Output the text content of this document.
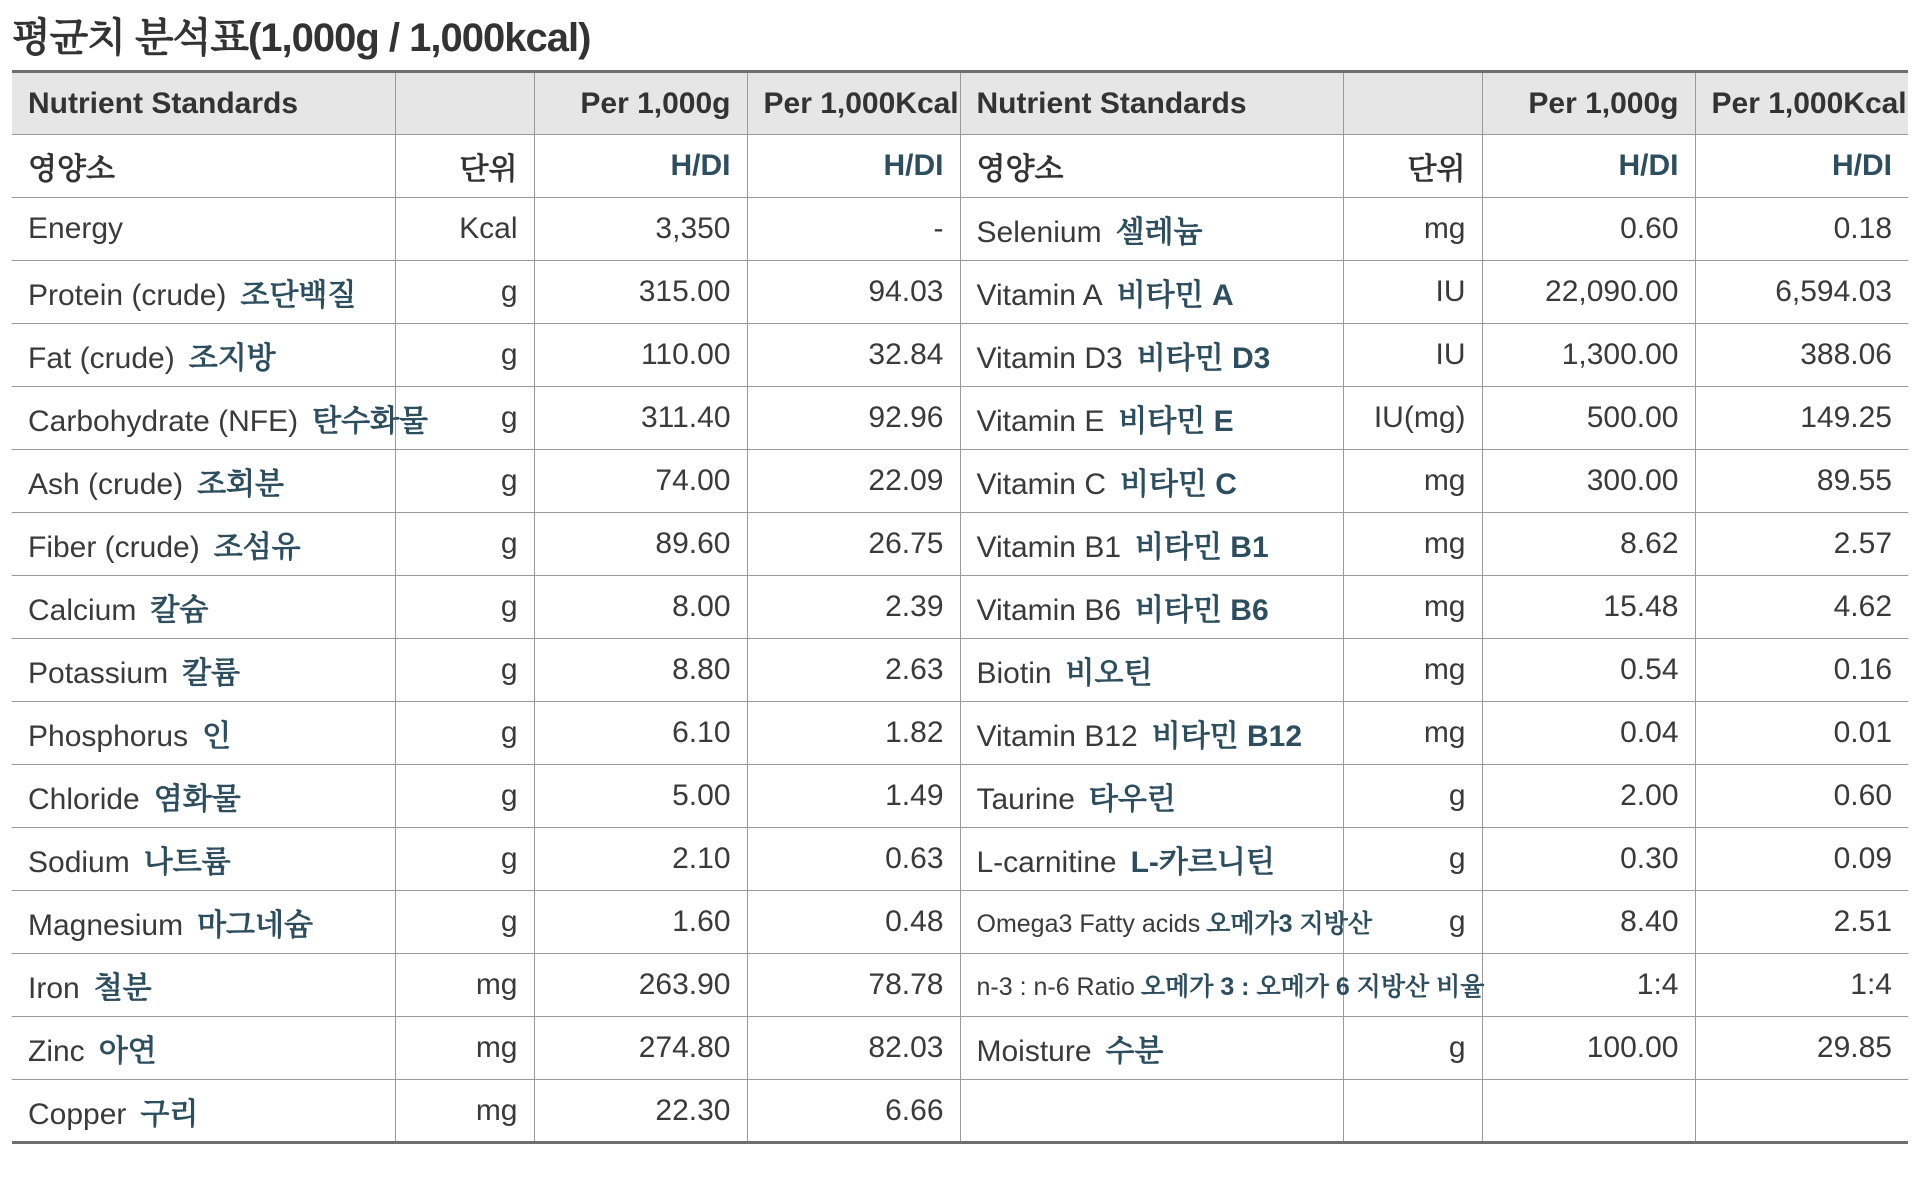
평균치 분석표(1,000g / 1,000kcal)
Nutrient Standards		Per 1,000g	Per 1,000Kcal	Nutrient Standards		Per 1,000g	Per 1,000Kcal
영양소	단위	H/DI	H/DI	영양소	단위	H/DI	H/DI
Energy	Kcal	3,350	-	Selenium 셀레늄	mg	0.60	0.18
Protein (crude) 조단백질	g	315.00	94.03	Vitamin A 비타민 A	IU	22,090.00	6,594.03
Fat (crude) 조지방	g	110.00	32.84	Vitamin D3 비타민 D3	IU	1,300.00	388.06
Carbohydrate (NFE) 탄수화물	g	311.40	92.96	Vitamin E 비타민 E	IU(mg)	500.00	149.25
Ash (crude) 조회분	g	74.00	22.09	Vitamin C 비타민 C	mg	300.00	89.55
Fiber (crude) 조섬유	g	89.60	26.75	Vitamin B1 비타민 B1	mg	8.62	2.57
Calcium 칼슘	g	8.00	2.39	Vitamin B6 비타민 B6	mg	15.48	4.62
Potassium 칼륨	g	8.80	2.63	Biotin 비오틴	mg	0.54	0.16
Phosphorus 인	g	6.10	1.82	Vitamin B12 비타민 B12	mg	0.04	0.01
Chloride 염화물	g	5.00	1.49	Taurine 타우린	g	2.00	0.60
Sodium 나트륨	g	2.10	0.63	L-carnitine L-카르니틴	g	0.30	0.09
Magnesium 마그네슘	g	1.60	0.48	Omega3 Fatty acids 오메가3 지방산	g	8.40	2.51
Iron 철분	mg	263.90	78.78	n-3 : n-6 Ratio 오메가 3 : 오메가 6 지방산 비율		1:4	1:4
Zinc 아연	mg	274.80	82.03	Moisture 수분	g	100.00	29.85
Copper 구리	mg	22.30	6.66				
